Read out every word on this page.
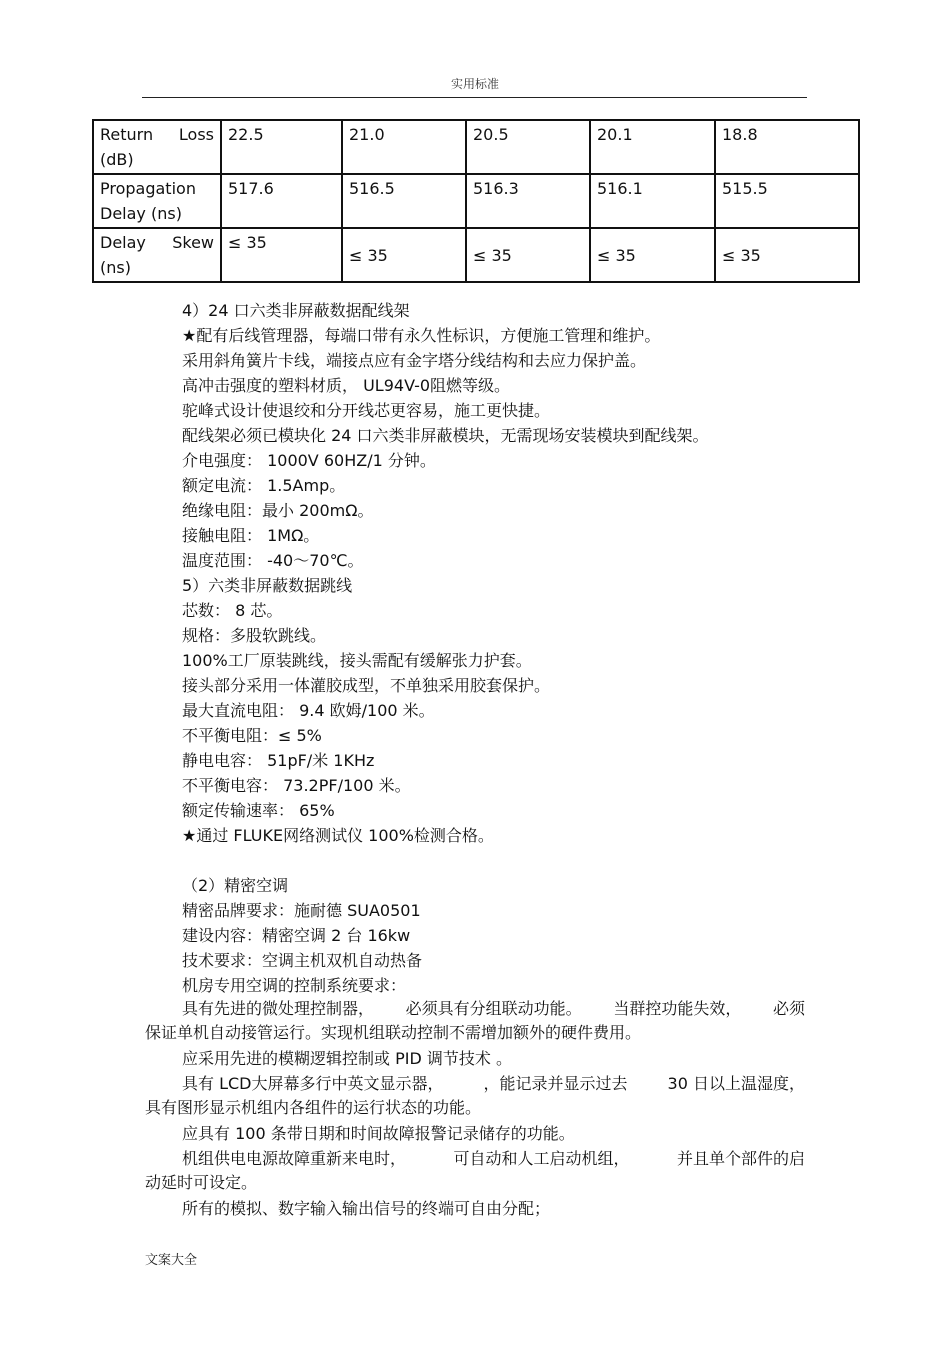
实用标准
Return Loss
(dB)	22.5	21.0	20.5	20.1	18.8

Propagation
Delay (ns)	517.6	516.5	516.3	516.1	515.5

Delay Skew
(ns)	≤ 35	≤ 35	≤ 35	≤ 35	≤ 35
4）24 口六类非屏蔽数据配线架
★配有后线管理器，每端口带有永久性标识，方便施工管理和维护。
采用斜角簧片卡线，端接点应有金字塔分线结构和去应力保护盖。
高冲击强度的塑料材质， UL94V-0阻燃等级。
驼峰式设计使退绞和分开线芯更容易，施工更快捷。
配线架必须已模块化 24 口六类非屏蔽模块，无需现场安装模块到配线架。
介电强度： 1000V 60HZ/1 分钟。
额定电流： 1.5Amp。
绝缘电阻：最小 200mΩ。
接触电阻： 1MΩ。
温度范围： -40～70℃。
5）六类非屏蔽数据跳线
芯数： 8 芯。
规格：多股软跳线。
100%工厂原装跳线，接头需配有缓解张力护套。
接头部分采用一体灌胶成型，不单独采用胶套保护。
最大直流电阻： 9.4 欧姆/100 米。
不平衡电阻：≤ 5%
静电电容： 51pF/米 1KHz
不平衡电容： 73.2PF/100 米。
额定传输速率： 65%
★通过 FLUKE网络测试仪 100%检测合格。
（2）精密空调
精密品牌要求：施耐德 SUA0501
建设内容：精密空调 2 台 16kw
技术要求：空调主机双机自动热备
机房专用空调的控制系统要求：
具有先进的微处理控制器， 必须具有分组联动功能。 当群控功能失效， 必须
保证单机自动接管运行。实现机组联动控制不需增加额外的硬件费用。
应采用先进的模糊逻辑控制或 PID 调节技术 。
具有 LCD大屏幕多行中英文显示器，	，能记录并显示过去	30 日以上温湿度，
具有图形显示机组内各组件的运行状态的功能。
应具有 100 条带日期和时间故障报警记录储存的功能。
机组供电电源故障重新来电时，	可自动和人工启动机组，	并且单个部件的启
动延时可设定。
所有的模拟、数字输入输出信号的终端可自由分配；
文案大全
